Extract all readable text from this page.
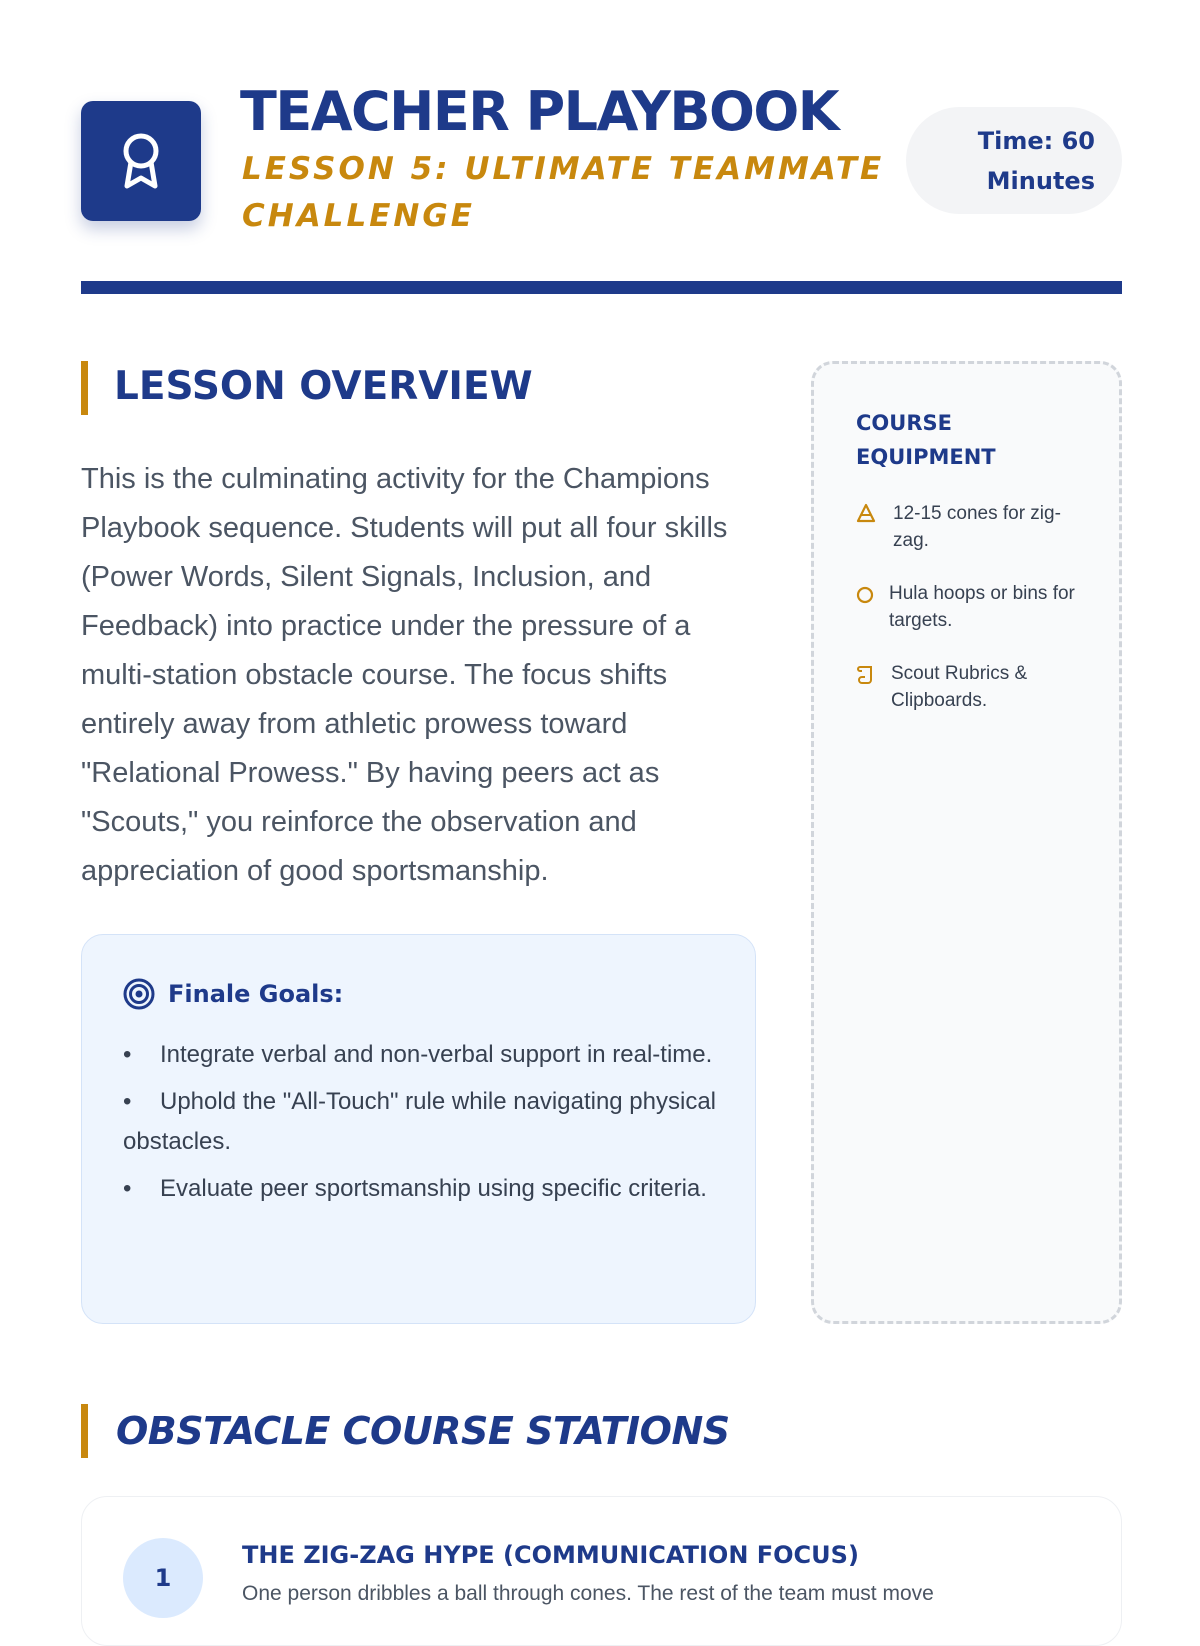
TEACHER PLAYBOOK
LESSON 5: ULTIMATE TEAMMATE CHALLENGE
Time: 60 Minutes
LESSON OVERVIEW

This is the culminating activity for the Champions Playbook sequence. Students will put all four skills (Power Words, Silent Signals, Inclusion, and Feedback) into practice under the pressure of a multi-station obstacle course. The focus shifts entirely away from athletic prowess toward "Relational Prowess." By having peers act as "Scouts," you reinforce the observation and appreciation of good sportsmanship.

Finale Goals:
• Integrate verbal and non-verbal support in real-time.
• Uphold the "All-Touch" rule while navigating physical obstacles.
• Evaluate peer sportsmanship using specific criteria.
COURSE EQUIPMENT
12-15 cones for zig-zag.
Hula hoops or bins for targets.
Scout Rubrics & Clipboards.
OBSTACLE COURSE STATIONS
1
THE ZIG-ZAG HYPE (COMMUNICATION FOCUS)

One person dribbles a ball through cones. The rest of the team must move
